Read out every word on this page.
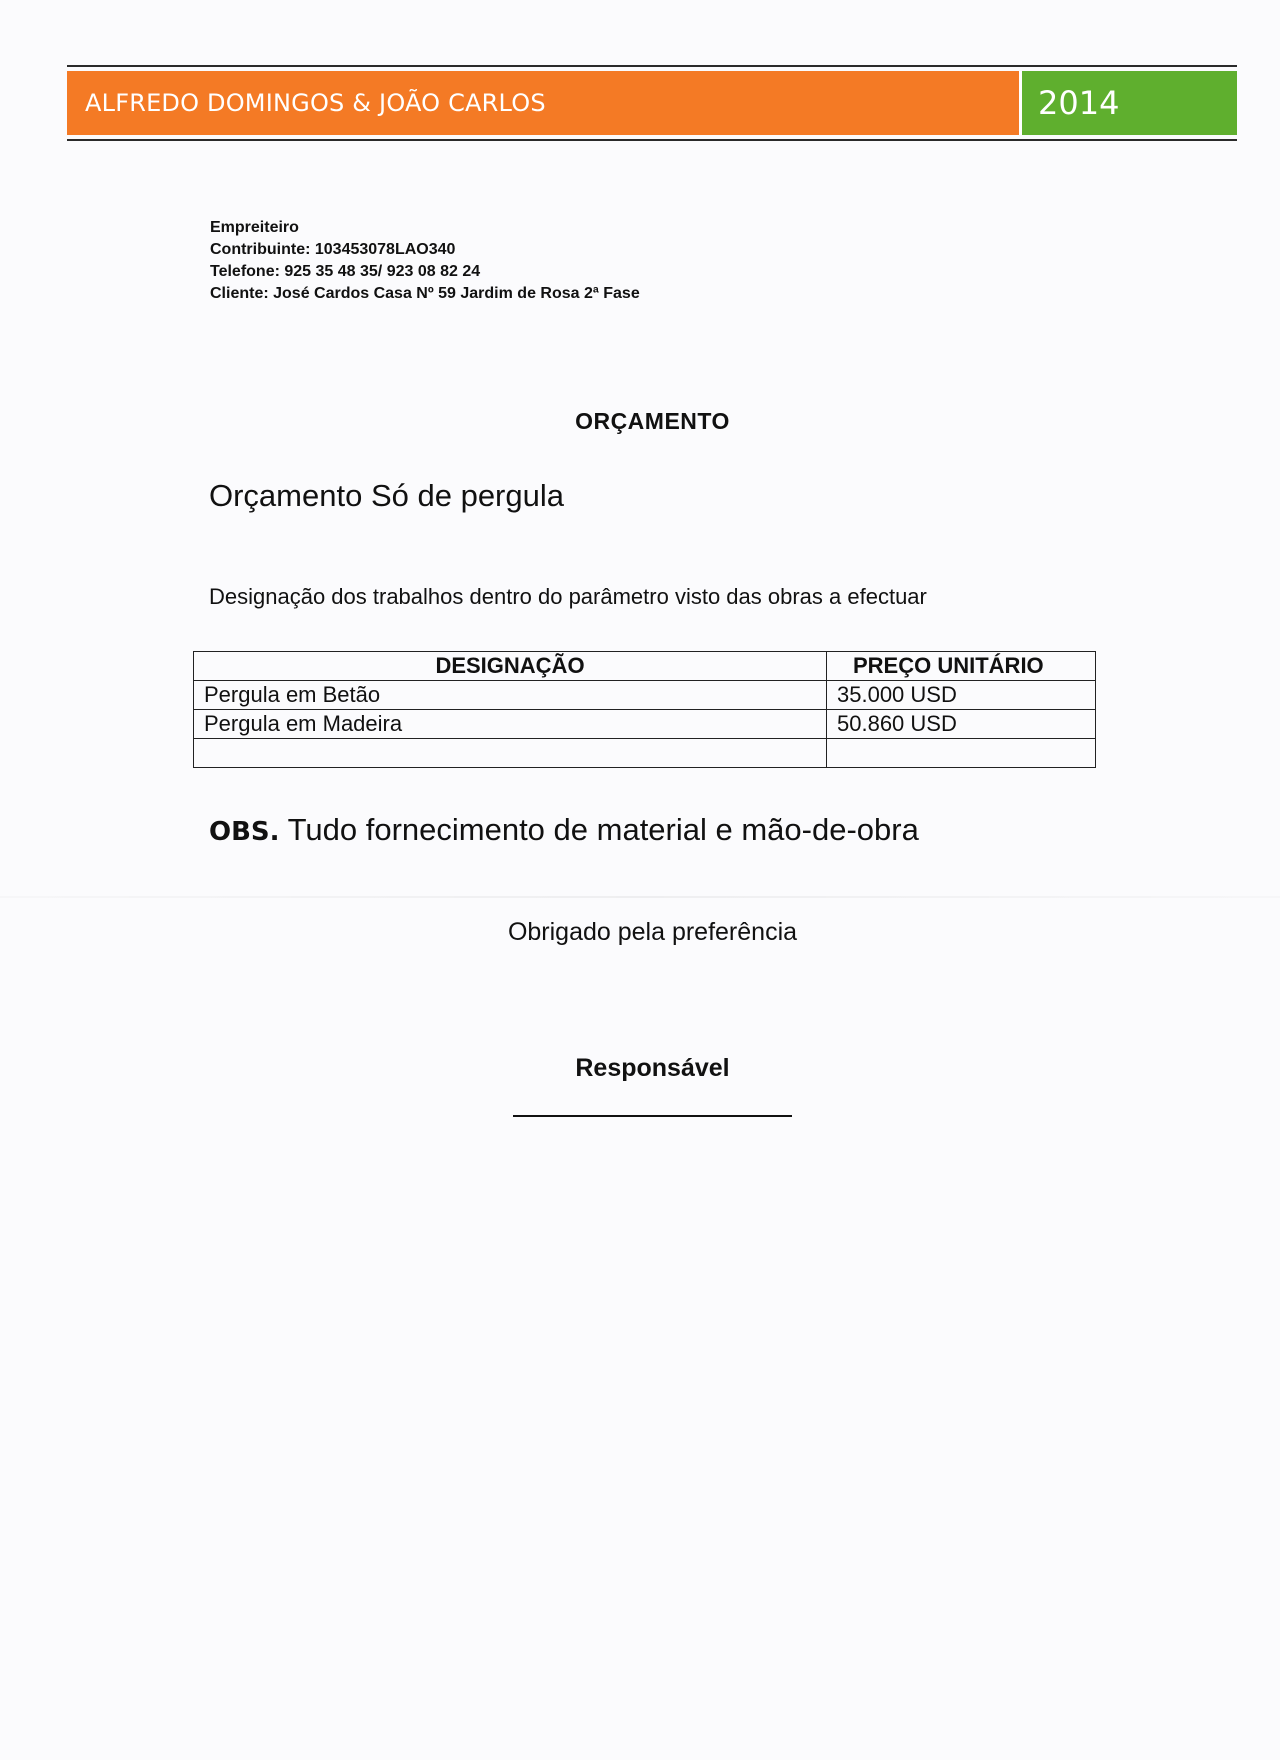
ALFREDO DOMINGOS & JOÃO CARLOS	2014
Empreiteiro
Contribuinte: 103453078LAO340
Telefone: 925 35 48 35/ 923 08 82 24
Cliente: José Cardos Casa Nº 59 Jardim de Rosa 2ª Fase
ORÇAMENTO
Orçamento Só de pergula
Designação dos trabalhos dentro do parâmetro visto das obras a efectuar
DESIGNAÇÃO	PREÇO UNITÁRIO
Pergula em Betão	35.000 USD
Pergula em Madeira	50.860 USD

OBS. Tudo fornecimento de material e mão-de-obra
Obrigado pela preferência
Responsável
